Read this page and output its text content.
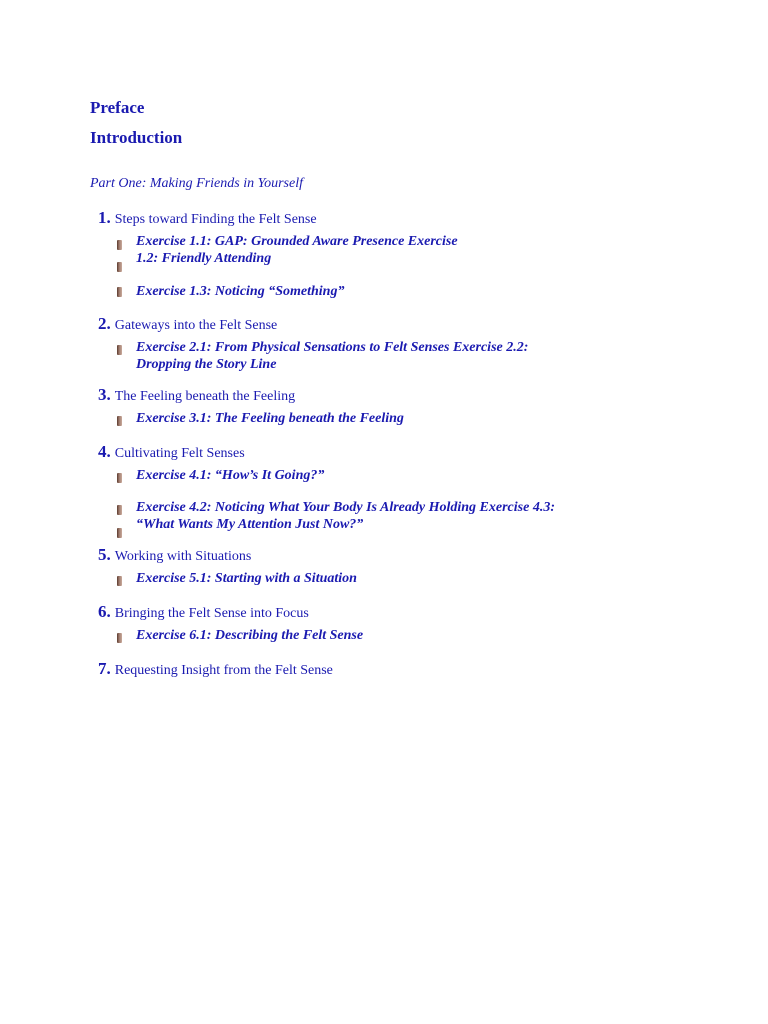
Preface
Introduction
Part One: Making Friends in Yourself
1. Steps toward Finding the Felt Sense
Exercise 1.1: GAP: Grounded Aware Presence Exercise
1.2: Friendly Attending
Exercise 1.3: Noticing “Something”
2. Gateways into the Felt Sense
Exercise 2.1: From Physical Sensations to Felt Senses Exercise 2.2:
Dropping the Story Line
3. The Feeling beneath the Feeling
Exercise 3.1: The Feeling beneath the Feeling
4. Cultivating Felt Senses
Exercise 4.1: “How’s It Going?”
Exercise 4.2: Noticing What Your Body Is Already Holding Exercise 4.3:
“What Wants My Attention Just Now?”
5. Working with Situations
Exercise 5.1: Starting with a Situation
6. Bringing the Felt Sense into Focus
Exercise 6.1: Describing the Felt Sense
7. Requesting Insight from the Felt Sense
